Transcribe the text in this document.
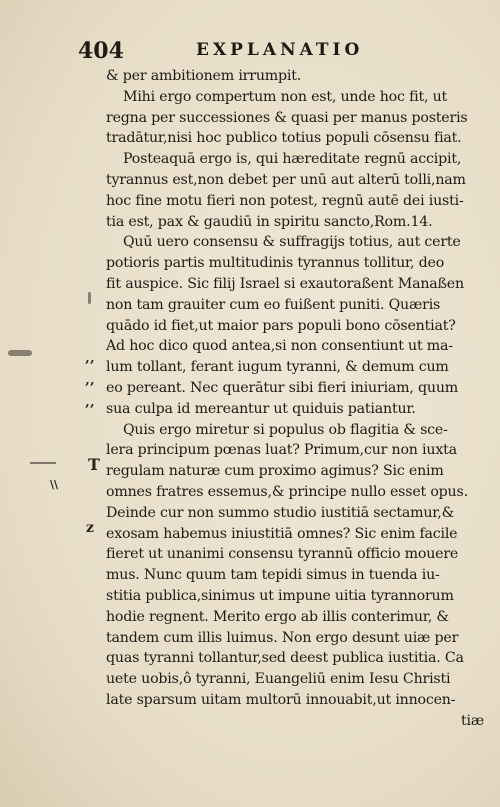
404	EXPLANATIO
‚‚
‚‚
‚‚
T
\\
z
& per ambitionem irrumpit.
Mihi ergo compertum non est, unde hoc fit, ut
regna per successiones & quasi per manus posteris
tradātur,nisi hoc publico totius populi cōsensu fiat.
Posteaquā ergo is, qui hæreditate regnū accipit,
tyrannus est,non debet per unū aut alterū tolli,nam
hoc fine motu fieri non potest, regnū autē dei iusti-
tia est, pax & gaudiū in spiritu sancto,Rom.14.
Quū uero consensu & suffragijs totius, aut certe
potioris partis multitudinis tyrannus tollitur, deo
fit auspice. Sic filij Israel si exautoraßent Manaßen
non tam grauiter cum eo fuißent puniti. Quæris
quādo id fiet,ut maior pars populi bono cōsentiat?
Ad hoc dico quod antea,si non consentiunt ut ma-
lum tollant, ferant iugum tyranni, & demum cum
eo pereant. Nec querātur sibi fieri iniuriam, quum
sua culpa id mereantur ut quiduis patiantur.
Quis ergo miretur si populus ob flagitia & sce-
lera principum pœnas luat? Primum,cur non iuxta
regulam naturæ cum proximo agimus? Sic enim
omnes fratres essemus,& principe nullo esset opus.
Deinde cur non summo studio iustitiā sectamur,&
exosam habemus iniustitiā omnes? Sic enim facile
fieret ut unanimi consensu tyrannū officio mouere
mus. Nunc quum tam tepidi simus in tuenda iu-
stitia publica,sinimus ut impune uitia tyrannorum
hodie regnent. Merito ergo ab illis conterimur, &
tandem cum illis luimus. Non ergo desunt uiæ per
quas tyranni tollantur,sed deest publica iustitia. Ca
uete uobis,ô tyranni, Euangeliū enim Iesu Christi
late sparsum uitam multorū innouabit,ut innocen-
tiæ
